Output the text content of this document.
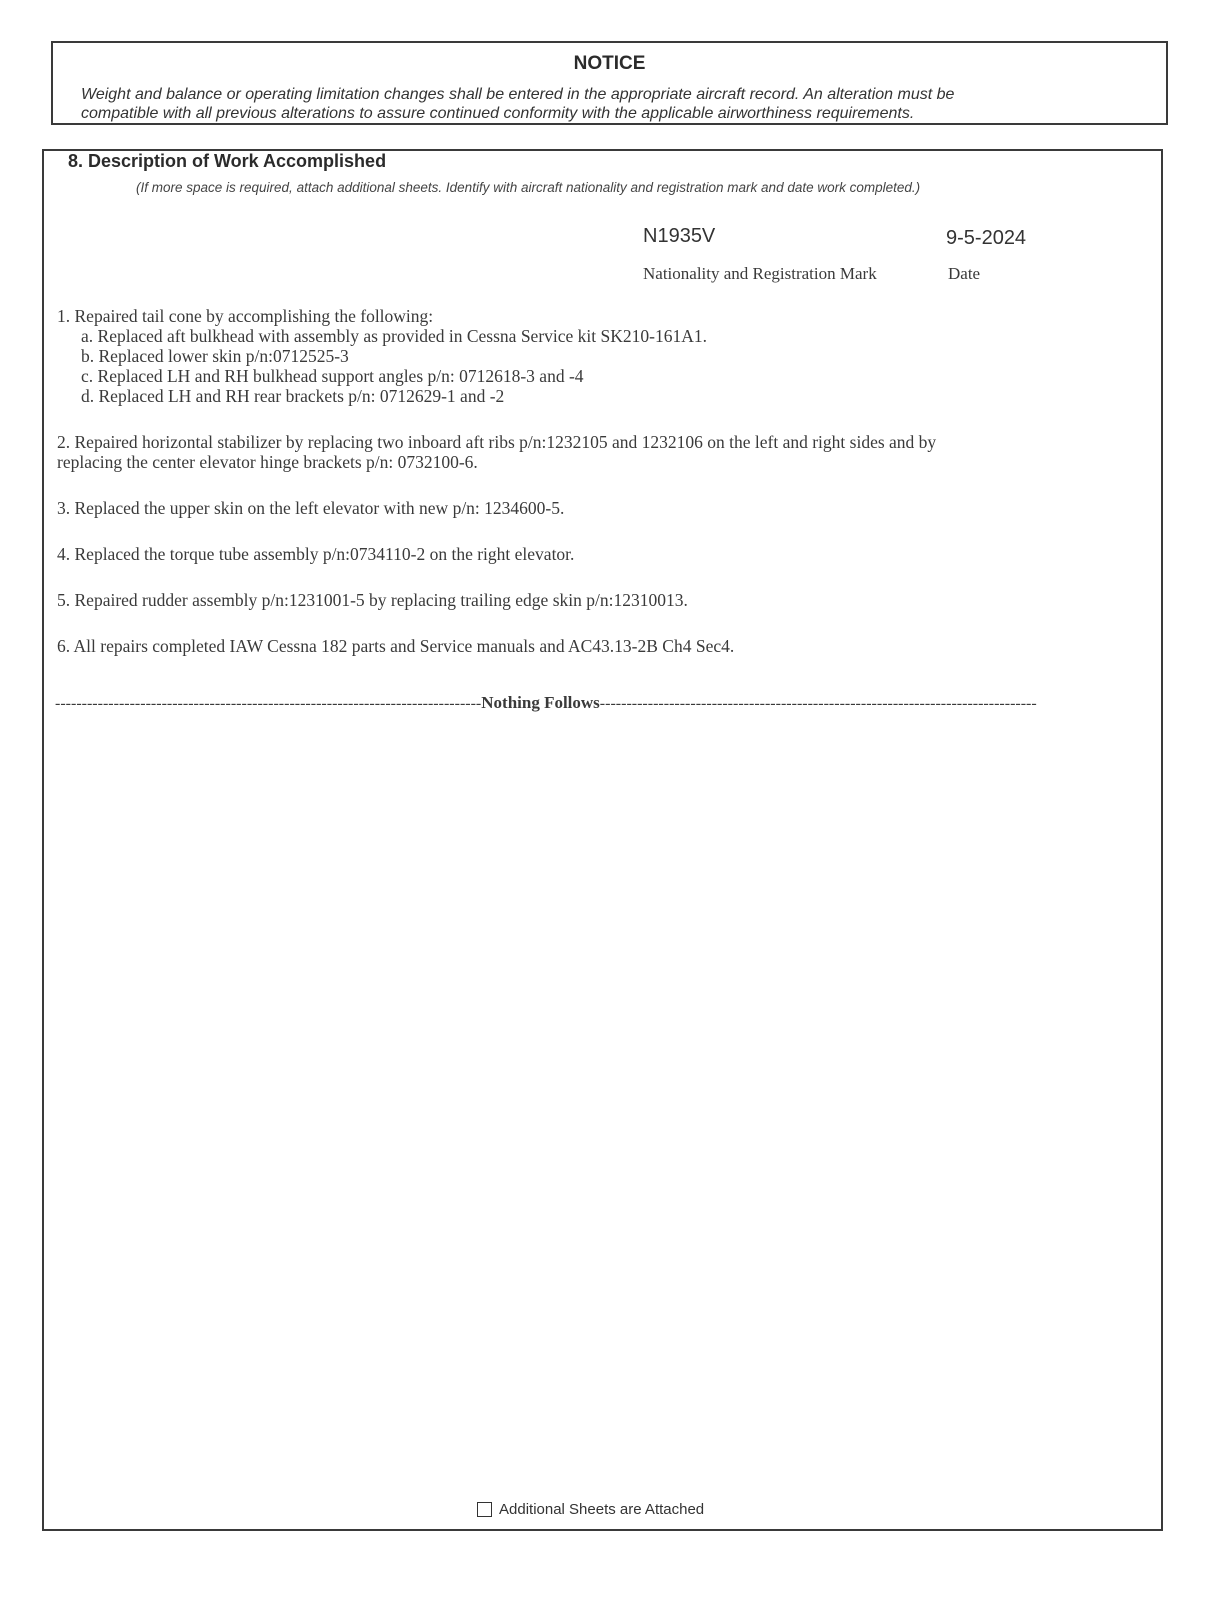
NOTICE
Weight and balance or operating limitation changes shall be entered in the appropriate aircraft record. An alteration must be
compatible with all previous alterations to assure continued conformity with the applicable airworthiness requirements.
8. Description of Work Accomplished
(If more space is required, attach additional sheets. Identify with aircraft nationality and registration mark and date work completed.)
N1935V	9-5-2024
Nationality and Registration Mark	Date
1. Repaired tail cone by accomplishing the following:
a. Replaced aft bulkhead with assembly as provided in Cessna Service kit SK210-161A1.
b. Replaced lower skin p/n:0712525-3
c. Replaced LH and RH bulkhead support angles p/n: 0712618-3 and -4
d. Replaced LH and RH rear brackets p/n: 0712629-1 and -2
2. Repaired horizontal stabilizer by replacing two inboard aft ribs p/n:1232105 and 1232106 on the left and right sides and by
replacing the center elevator hinge brackets p/n: 0732100-6.
3. Replaced the upper skin on the left elevator with new p/n: 1234600-5.
4. Replaced the torque tube assembly p/n:0734110-2 on the right elevator.
5. Repaired rudder assembly p/n:1231001-5 by replacing trailing edge skin p/n:12310013.
6. All repairs completed IAW Cessna 182 parts and Service manuals and AC43.13-2B Ch4 Sec4.
--------------------------------------------------------------------------------Nothing Follows----------------------------------------------------------------------------------
Additional Sheets are Attached
